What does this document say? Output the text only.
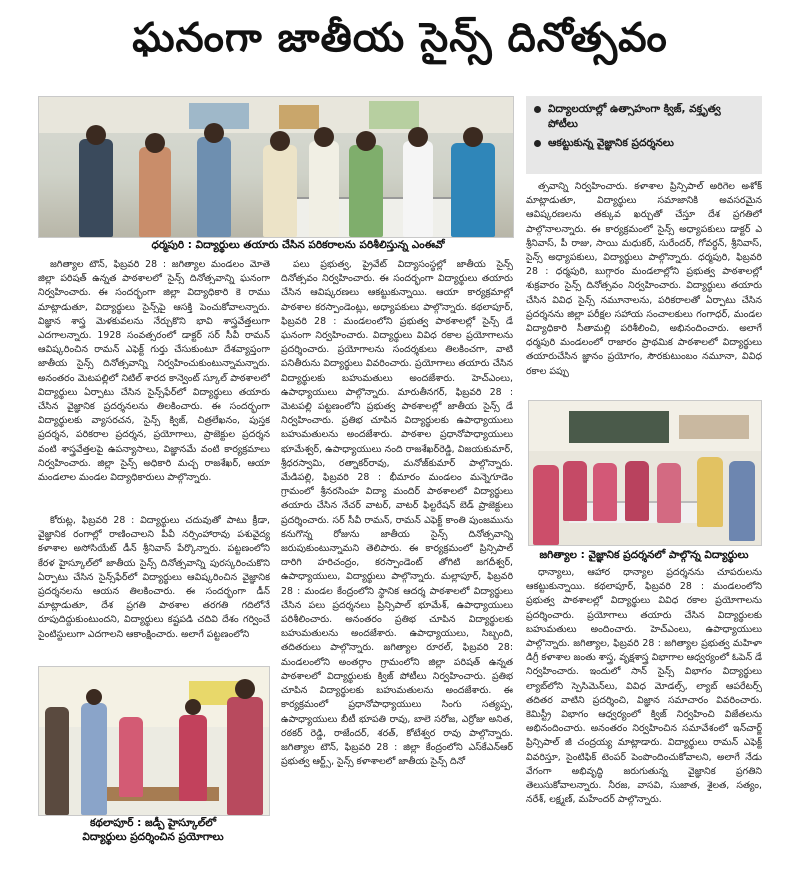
ఘనంగా జాతీయ సైన్స్ దినోత్సవం
ధర్మపురి : విద్యార్థులు తయారు చేసిన పరికరాలను పరిశీలిస్తున్న ఎంఈవో
విద్యాలయాల్లో ఉత్సాహంగా క్విజ్, వక్తృత్వ పోటీలు
ఆకట్టుకున్న వైజ్ఞానిక ప్రదర్శనలు

జగిత్యాల టౌన్, ఫిబ్రవరి 28 : జగిత్యాల మండలం మోతె జిల్లా పరిషత్ ఉన్నత పాఠశాలలో సైన్స్ దినోత్సవాన్ని ఘనంగా నిర్వహించారు. ఈ సందర్భంగా జిల్లా విద్యాధికారి కె రాము మాట్లాడుతూ, విద్యార్థులు సైన్స్‌పై ఆసక్తి పెంచుకోవాలన్నారు. విజ్ఞాన శాస్త్ర మెళకువలను నేర్చుకొని భావి శాస్త్రవేత్తలుగా ఎదగాలన్నారు. 1928 సంవత్సరంలో డాక్టర్ సర్ సీవీ రామన్ ఆవిష్కరించిన రామన్ ఎఫెక్ట్ గుర్తు చేసుకుంటూ దేశవ్యాప్తంగా జాతీయ సైన్స్ దినోత్సవాన్ని నిర్వహించుకుంటున్నామన్నారు. అనంతరం మెటపల్లిలో నిటిల్ శారద కాన్వెంట్ స్కూల్ పాఠశాలలో విద్యార్థులు ఏర్పాటు చేసిన సైన్స్‌ఫేర్‌లో విద్యార్థులు తయారు చేసిన వైజ్ఞానిక ప్రదర్శనలను తిలకించారు. ఈ సందర్భంగా విద్యార్థులకు వ్యాసరచన, సైన్స్ క్విజ్, చిత్రలేఖనం, పుస్తక ప్రదర్శన, పరికరాల ప్రదర్శన, ప్రయోగాలు, ప్రాజెక్టుల ప్రదర్శన వంటి శాస్త్రవేత్తలపై ఉపన్యాసాలు, విజ్ఞానమే వంటి కార్యక్రమాలు నిర్వహించారు. జిల్లా సైన్స్ అధికారి మచ్చ రాజశేఖర్, ఆయా మండలాల మండల విద్యాధికారులు పాల్గొన్నారు.

కోరుట్ల, ఫిబ్రవరి 28 : విద్యార్థులు చదువుతో పాటు క్రీడా, వైజ్ఞానిక రంగాల్లో రాణించాలని పీవీ నర్సింహారావు పశువైద్య కళాశాల అసోసియేట్ డీన్ శ్రీనివాస్ పేర్కొన్నారు. పట్టణంలోని కేరళ హైస్కూల్‌లో జాతీయ సైన్స్ దినోత్సవాన్ని పురస్కరించుకొని ఏర్పాటు చేసిన సైన్స్‌ఫేర్‌లో విద్యార్థులు ఆవిష్కరించిన వైజ్ఞానిక ప్రదర్శనలను ఆయన తిలకించారు. ఈ సందర్భంగా డీన్ మాట్లాడుతూ, దేశ ప్రగతి పాఠశాల తరగతి గదిలోనే రూపుదిద్దుకుంటుందని, విద్యార్థులు కష్టపడి చదివి దేశం గర్వించే సైంటిస్టులుగా ఎదగాలని ఆకాంక్షించారు. అలాగే పట్టణంలోని

కథలాపూర్ : జడ్పీ హైస్కూల్‌లో
విద్యార్థులు ప్రదర్శించిన ప్రయోగాలు

పలు ప్రభుత్వ, ప్రైవేట్ విద్యాసంస్థల్లో జాతీయ సైన్స్ దినోత్సవం నిర్వహించారు. ఈ సందర్భంగా విద్యార్థులు తయారు చేసిన ఆవిష్కరణలు ఆకట్టుకున్నాయి. ఆయా కార్యక్రమాల్లో పాఠశాల కరస్పాండెంట్లు, అధ్యాపకులు పాల్గొన్నారు. కథలాపూర్, ఫిబ్రవరి 28 : మండలంలోని ప్రభుత్వ పాఠశాలల్లో సైన్స్ డే ఘనంగా నిర్వహించారు. విద్యార్థులు వివిధ రకాల ప్రయోగాలను ప్రదర్శించారు. ప్రయోగాలను సందర్శకులు తిలకించగా, వాటి పనితీరును విద్యార్థులు వివరించారు. ప్రయోగాలు తయారు చేసిన విద్యార్థులకు బహుమతులు అందజేశారు. హెచ్ఎంలు, ఉపాధ్యాయులు పాల్గొన్నారు. మారుతీనగర్, ఫిబ్రవరి 28 : మెటపల్లి పట్టణంలోని ప్రభుత్వ పాఠశాలల్లో జాతీయ సైన్స్ డే నిర్వహించారు. ప్రతిభ చూపిన విద్యార్థులకు ఉపాధ్యాయులు బహుమతులను అందజేశారు. పాఠశాల ప్రధానోపాధ్యాయులు భూమేశ్వర్, ఉపాధ్యాయులు నంది రాజశేఖర్‌రెడ్డి, విజయకుమార్, శ్రీధరస్వామి, రత్నాకర్‌రావు, మనోజ్‌కుమార్ పాల్గొన్నారు. మేడిపల్లి, ఫిబ్రవరి 28 : భీమారం మండలం మన్నెగూడెం గ్రామంలో శ్రీనరసింహ విద్యా మందిర్ పాఠశాలలో విద్యార్థులు తయారు చేసిన నేచర్ వాటర్, వాటర్ ఫిల్టరేషన్ బెడ్ ప్రాజెక్టులు ప్రదర్శించారు. సర్ సీవీ రామన్, రామన్ ఎఫెక్ట్ కాంతి పుంజమును కనుగొన్న రోజును జాతీయ సైన్స్ దినోత్సవాన్ని జరుపుకుంటున్నామని తెలిపారు. ఈ కార్యక్రమంలో ప్రిన్సిపాల్ దారిగి హరిచంద్రం, కరస్పాండెంట్ తోగిటి జగదీశ్వర్, ఉపాధ్యాయులు, విద్యార్థులు పాల్గొన్నారు. మల్లాపూర్, ఫిబ్రవరి 28 : మండల కేంద్రంలోని స్థానిక ఆదర్శ పాఠశాలలో విద్యార్థులు చేసిన పలు ప్రదర్శనలు ప్రిన్సిపాల్ భూమేశ్, ఉపాధ్యాయులు పరిశీలించారు. అనంతరం ప్రతిభ చూపిన విద్యార్థులకు బహుమతులను అందజేశారు. ఉపాధ్యాయులు, సిబ్బంది, తదితరులు పాల్గొన్నారు. జగిత్యాల రూరల్, ఫిబ్రవరి 28: మండలంలోని అంతర్గాం గ్రామంలోని జిల్లా పరిషత్ ఉన్నత పాఠశాలలో విద్యార్థులకు క్విజ్ పోటీలు నిర్వహించారు. ప్రతిభ చూపిన విద్యార్థులకు బహుమతులను అందజేశారు. ఈ కార్యక్రమంలో ప్రధానోపాధ్యాయులు సింగు సత్యప్ప, ఉపాధ్యాయులు బీటీ భూపతి రావు, బాలె సరోజ, ఎర్రోజు అనిత, రఠకర్ రెడ్డి, రాజేందర్, శరత్, కోటేశ్వర రావు పాల్గొన్నారు. జగిత్యాల టౌన్, ఫిబ్రవరి 28 : జిల్లా కేంద్రంలోని ఎస్‌కేఎన్‌ఆర్ ప్రభుత్వ ఆర్ట్స్, సైన్స్ కళాశాలలో జాతీయ సైన్స్ దినో

త్సవాన్ని నిర్వహించారు. కళాశాల ప్రిన్సిపాల్ అరిగెల అశోక్ మాట్లాడుతూ, విద్యార్థులు సమాజానికి అవసరమైన ఆవిష్కరణలను తక్కువ ఖర్చుతో చేస్తూ దేశ ప్రగతిలో పాల్గొనాలన్నారు. ఈ కార్యక్రమంలో సైన్స్ అధ్యాపకులు డాక్టర్ ఎ శ్రీనివాస్, పీ రాజు, సాయి మధుకర్, సురేందర్, గోవర్ధన్, శ్రీనివాస్, సైన్స్ అధ్యాపకులు, విద్యార్థులు పాల్గొన్నారు. ధర్మపురి, ఫిబ్రవరి 28 : ధర్మపురి, బుగ్గారం మండలాల్లోని ప్రభుత్వ పాఠశాలల్లో శుక్రవారం సైన్స్ దినోత్సవం నిర్వహించారు. విద్యార్థులు తయారు చేసిన వివిధ సైన్స్ నమూనాలను, పరికరాలతో ఏర్పాటు చేసిన ప్రదర్శనను జిల్లా పరీక్షల సహాయ సంచాలకులు గంగాధర్, మండల విద్యాధికారి సీతామల్లి పరిశీలించి, అభినందించారు. అలాగే ధర్మపురి మండలంలో రాజారం ప్రాథమిక పాఠశాలలో విద్యార్థులు తయారుచేసిన జ్ఞానం ప్రయోగం, సౌరకుటుంబం నమూనా, వివిధ రకాల పప్పు

జగిత్యాల : వైజ్ఞానిక ప్రదర్శనలో పాల్గొన్న విద్యార్థులు

ధాన్యాలు, ఆహార ధాన్యాల ప్రదర్శనను చూపరులను ఆకట్టుకున్నాయి. కథలాపూర్, ఫిబ్రవరి 28 : మండలంలోని ప్రభుత్వ పాఠశాలల్లో విద్యార్థులు వివిధ రకాల ప్రయోగాలను ప్రదర్శించారు. ప్రయోగాలు తయారు చేసిన విద్యార్థులకు బహుమతులు అందించారు. హెచ్ఎంలు, ఉపాధ్యాయులు పాల్గొన్నారు. జగిత్యాల, ఫిబ్రవరి 28 : జగిత్యాల ప్రభుత్వ మహిళా డిగ్రీ కళాశాల జంతు శాస్త్ర, వృక్షశాస్త్ర విభాగాల ఆధ్వర్యంలో ఓపెన్ డే నిర్వహించారు. ఇందులో సాన్ సైన్స్ విభాగం విద్యార్థులు ల్యాబ్‌లోని స్పెసిమెన్‌లు, వివిధ మోడల్స్, ల్యాబ్ ఆపరేటర్స్ తదితర వాటిని ప్రదర్శించి, విజ్ఞాన సమాచారం వివరించారు. కెమిస్ట్రీ విభాగం ఆధ్వర్యంలో క్విజ్ నిర్వహించి విజేతలను అభినందించారు. అనంతరం నిర్వహించిన సమావేశంలో ఇన్‌చార్జ్ ప్రిన్సిపాల్ జీ చంద్రయ్య మాట్లాడారు. విద్యార్థులు రామన్ ఎఫెక్ట్ వివరిస్తూ, సైంటిఫిక్ టెంపర్ పెంపొందించుకోవాలని, అలాగే నేడు వేగంగా అభివృద్ధి జరుగుతున్న వైజ్ఞానిక ప్రగతిని తెలుసుకోవాలన్నారు. నీరజ, వాసవి, సుజాత, శైలత, సత్యం, నరేశ్, లక్ష్మణ్, మహేందర్ పాల్గొన్నారు.
